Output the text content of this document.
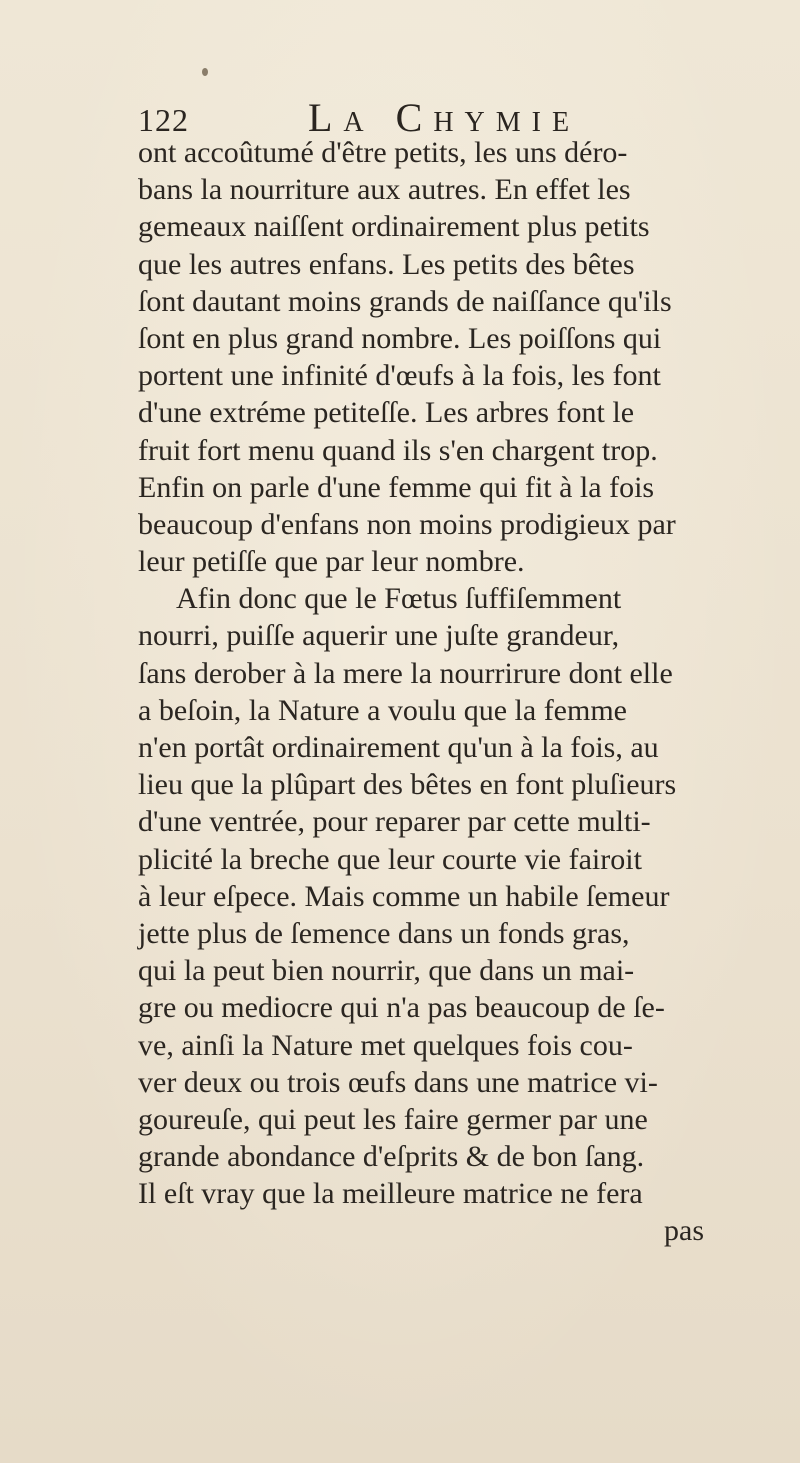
122	La Chymie
ont accoûtumé d'être petits, les uns déro-
bans la nourriture aux autres. En effet les
gemeaux naiſſent ordinairement plus petits
que les autres enfans. Les petits des bêtes
ſont dautant moins grands de naiſſance qu'ils
ſont en plus grand nombre. Les poiſſons qui
portent une infinité d'œufs à la fois, les font
d'une extréme petiteſſe. Les arbres font le
fruit fort menu quand ils s'en chargent trop.
Enfin on parle d'une femme qui fit à la fois
beaucoup d'enfans non moins prodigieux par
leur petiſſe que par leur nombre.
Afin donc que le Fœtus ſuffiſemment
nourri, puiſſe aquerir une juſte grandeur,
ſans derober à la mere la nourrirure dont elle
a beſoin, la Nature a voulu que la femme
n'en portât ordinairement qu'un à la fois, au
lieu que la plûpart des bêtes en font pluſieurs
d'une ventrée, pour reparer par cette multi-
plicité la breche que leur courte vie fairoit
à leur eſpece. Mais comme un habile ſemeur
jette plus de ſemence dans un fonds gras,
qui la peut bien nourrir, que dans un mai-
gre ou mediocre qui n'a pas beaucoup de ſe-
ve, ainſi la Nature met quelques fois cou-
ver deux ou trois œufs dans une matrice vi-
goureuſe, qui peut les faire germer par une
grande abondance d'eſprits & de bon ſang.
Il eſt vray que la meilleure matrice ne fera
pas
